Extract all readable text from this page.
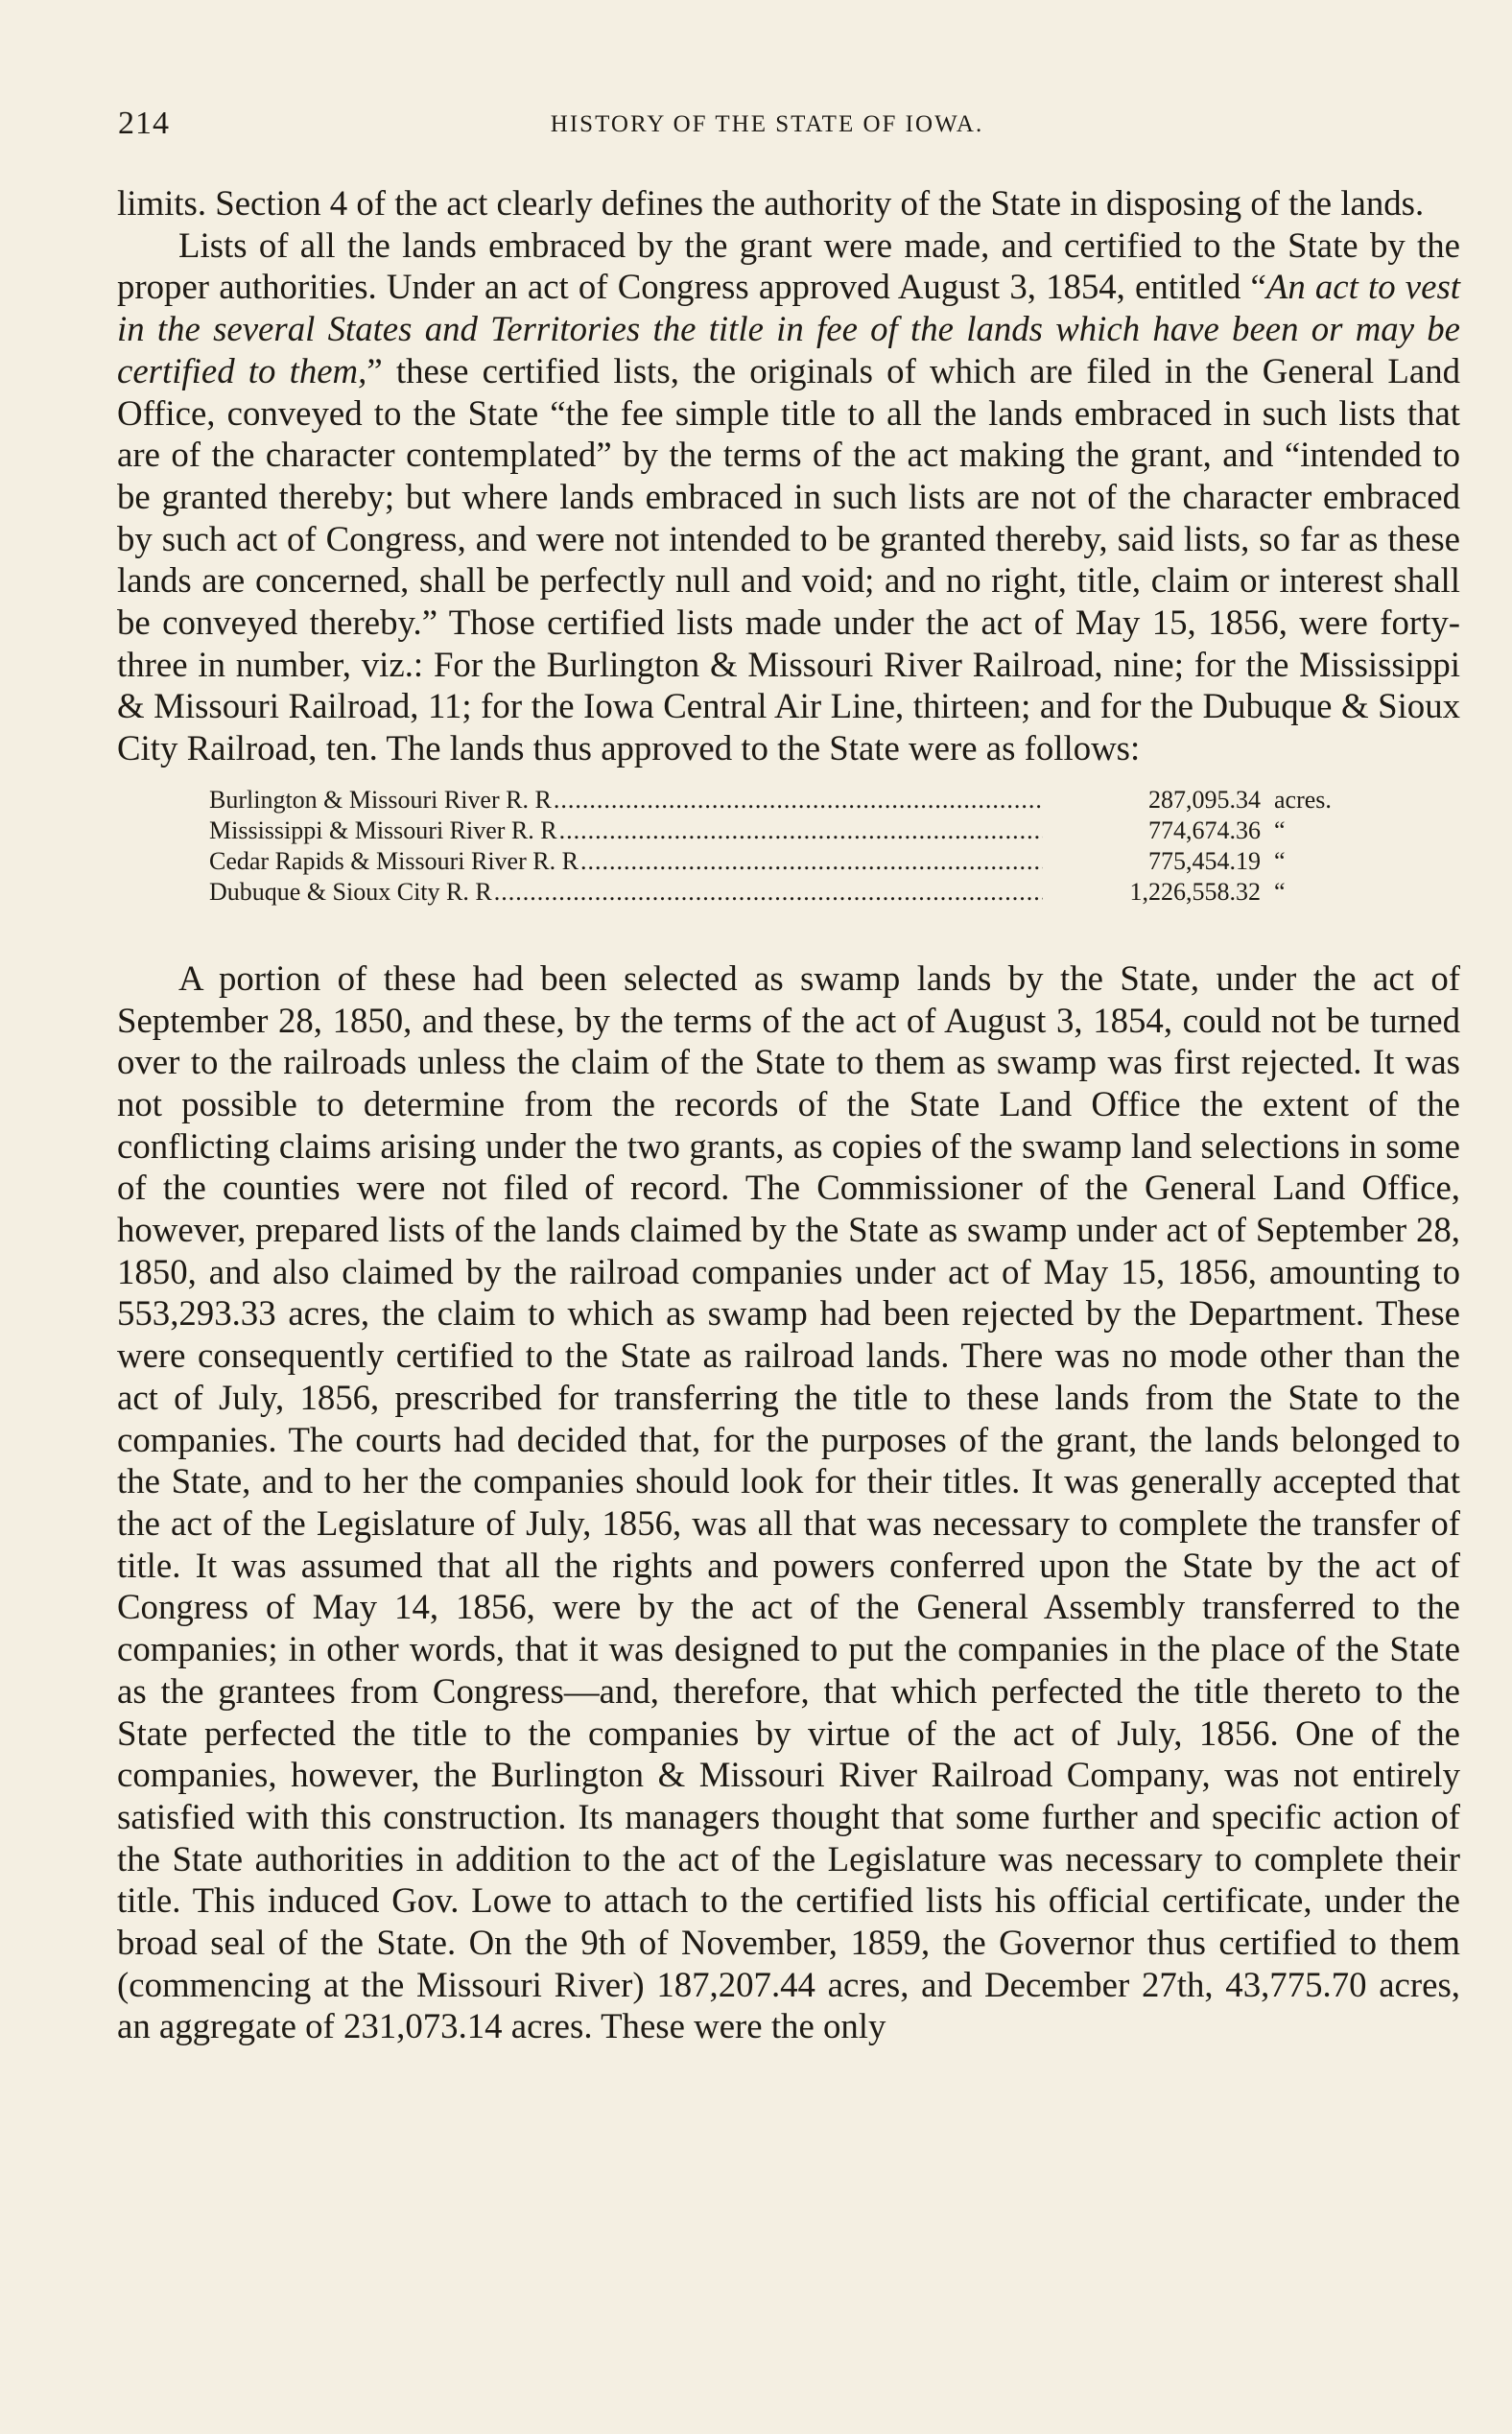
214	HISTORY OF THE STATE OF IOWA.

limits. Section 4 of the act clearly defines the authority of the State in disposing of the lands.

Lists of all the lands embraced by the grant were made, and certified to the State by the proper authorities. Under an act of Congress approved August 3, 1854, entitled “An act to vest in the several States and Territories the title in fee of the lands which have been or may be certified to them,” these certified lists, the originals of which are filed in the General Land Office, conveyed to the State “the fee simple title to all the lands embraced in such lists that are of the character contemplated” by the terms of the act making the grant, and “intended to be granted thereby; but where lands embraced in such lists are not of the character embraced by such act of Congress, and were not intended to be granted thereby, said lists, so far as these lands are concerned, shall be perfectly null and void; and no right, title, claim or interest shall be conveyed thereby.” Those certified lists made under the act of May 15, 1856, were forty-three in number, viz.: For the Burlington & Missouri River Railroad, nine; for the Mississippi & Missouri Railroad, 11; for the Iowa Central Air Line, thirteen; and for the Dubuque & Sioux City Railroad, ten. The lands thus approved to the State were as follows:

Burlington & Missouri River R. R .....	287,095.34 acres.
Mississippi & Missouri River R. R .....	774,674.36 “
Cedar Rapids & Missouri River R. R .....	775,454.19 “
Dubuque & Sioux City R. R .....	1,226,558.32 “

A portion of these had been selected as swamp lands by the State, under the act of September 28, 1850, and these, by the terms of the act of August 3, 1854, could not be turned over to the railroads unless the claim of the State to them as swamp was first rejected. It was not possible to determine from the records of the State Land Office the extent of the conflicting claims arising under the two grants, as copies of the swamp land selections in some of the counties were not filed of record. The Commissioner of the General Land Office, however, prepared lists of the lands claimed by the State as swamp under act of September 28, 1850, and also claimed by the railroad companies under act of May 15, 1856, amounting to 553,293.33 acres, the claim to which as swamp had been rejected by the Department. These were consequently certified to the State as railroad lands. There was no mode other than the act of July, 1856, prescribed for transferring the title to these lands from the State to the companies. The courts had decided that, for the purposes of the grant, the lands belonged to the State, and to her the companies should look for their titles. It was generally accepted that the act of the Legislature of July, 1856, was all that was necessary to complete the transfer of title. It was assumed that all the rights and powers conferred upon the State by the act of Congress of May 14, 1856, were by the act of the General Assembly transferred to the companies; in other words, that it was designed to put the companies in the place of the State as the grantees from Congress—and, therefore, that which perfected the title thereto to the State perfected the title to the companies by virtue of the act of July, 1856. One of the companies, however, the Burlington & Missouri River Railroad Company, was not entirely satisfied with this construction. Its managers thought that some further and specific action of the State authorities in addition to the act of the Legislature was necessary to complete their title. This induced Gov. Lowe to attach to the certified lists his official certificate, under the broad seal of the State. On the 9th of November, 1859, the Governor thus certified to them (commencing at the Missouri River) 187,207.44 acres, and December 27th, 43,775.70 acres, an aggregate of 231,073.14 acres. These were the only
